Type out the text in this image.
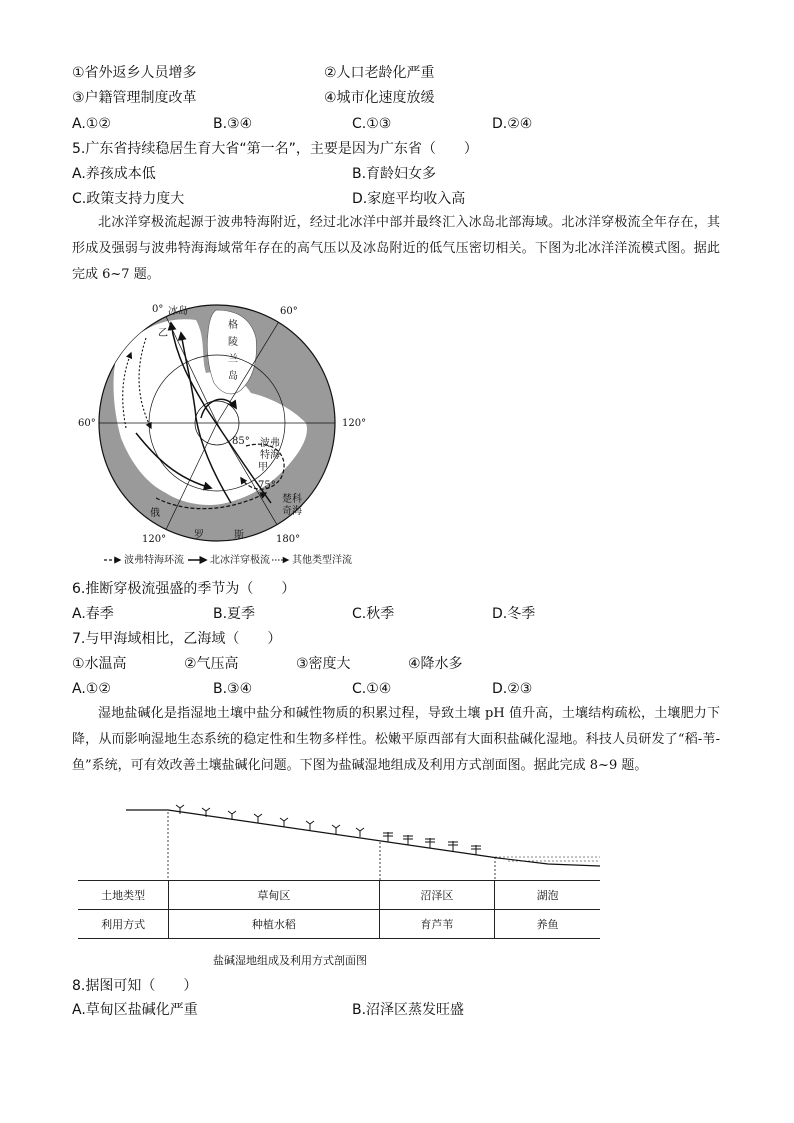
①省外返乡人员增多	②人口老龄化严重
③户籍管理制度改革	④城市化速度放缓
A.①②	B.③④	C.①③	D.②④
5.广东省持续稳居生育大省“第一名”，主要是因为广东省（　　）
A.养孩成本低	B.育龄妇女多
C.政策支持力度大	D.家庭平均收入高
北冰洋穿极流起源于波弗特海附近，经过北冰洋中部并最终汇入冰岛北部海域。北冰洋穿极流全年存在，其形成及强弱与波弗特海海域常年存在的高气压以及冰岛附近的低气压密切相关。下图为北冰洋洋流模式图。据此完成 6~7 题。
0°	60°
60°	120°
120°	180°
85°
75°
冰岛
格
陵
兰
岛
乙
甲
波弗
特海
楚科
奇海
俄
罗	斯
波弗特海环流	北冰洋穿极流 其他类型洋流
6.推断穿极流强盛的季节为（　　）
A.春季	B.夏季	C.秋季	D.冬季
7.与甲海域相比，乙海域（　　）
①水温高	②气压高	③密度大	④降水多
A.①②	B.③④	C.①④	D.②③
湿地盐碱化是指湿地土壤中盐分和碱性物质的积累过程，导致土壤 pH 值升高，土壤结构疏松，土壤肥力下降，从而影响湿地生态系统的稳定性和生物多样性。松嫩平原西部有大面积盐碱化湿地。科技人员研发了“稻-苇-鱼”系统，可有效改善土壤盐碱化问题。下图为盐碱湿地组成及利用方式剖面图。据此完成 8~9 题。
土地类型	草甸区	沼泽区	湖泡
利用方式	种植水稻	育芦苇	养鱼
盐碱湿地组成及利用方式剖面图
8.据图可知（　　）
A.草甸区盐碱化严重	B.沼泽区蒸发旺盛
